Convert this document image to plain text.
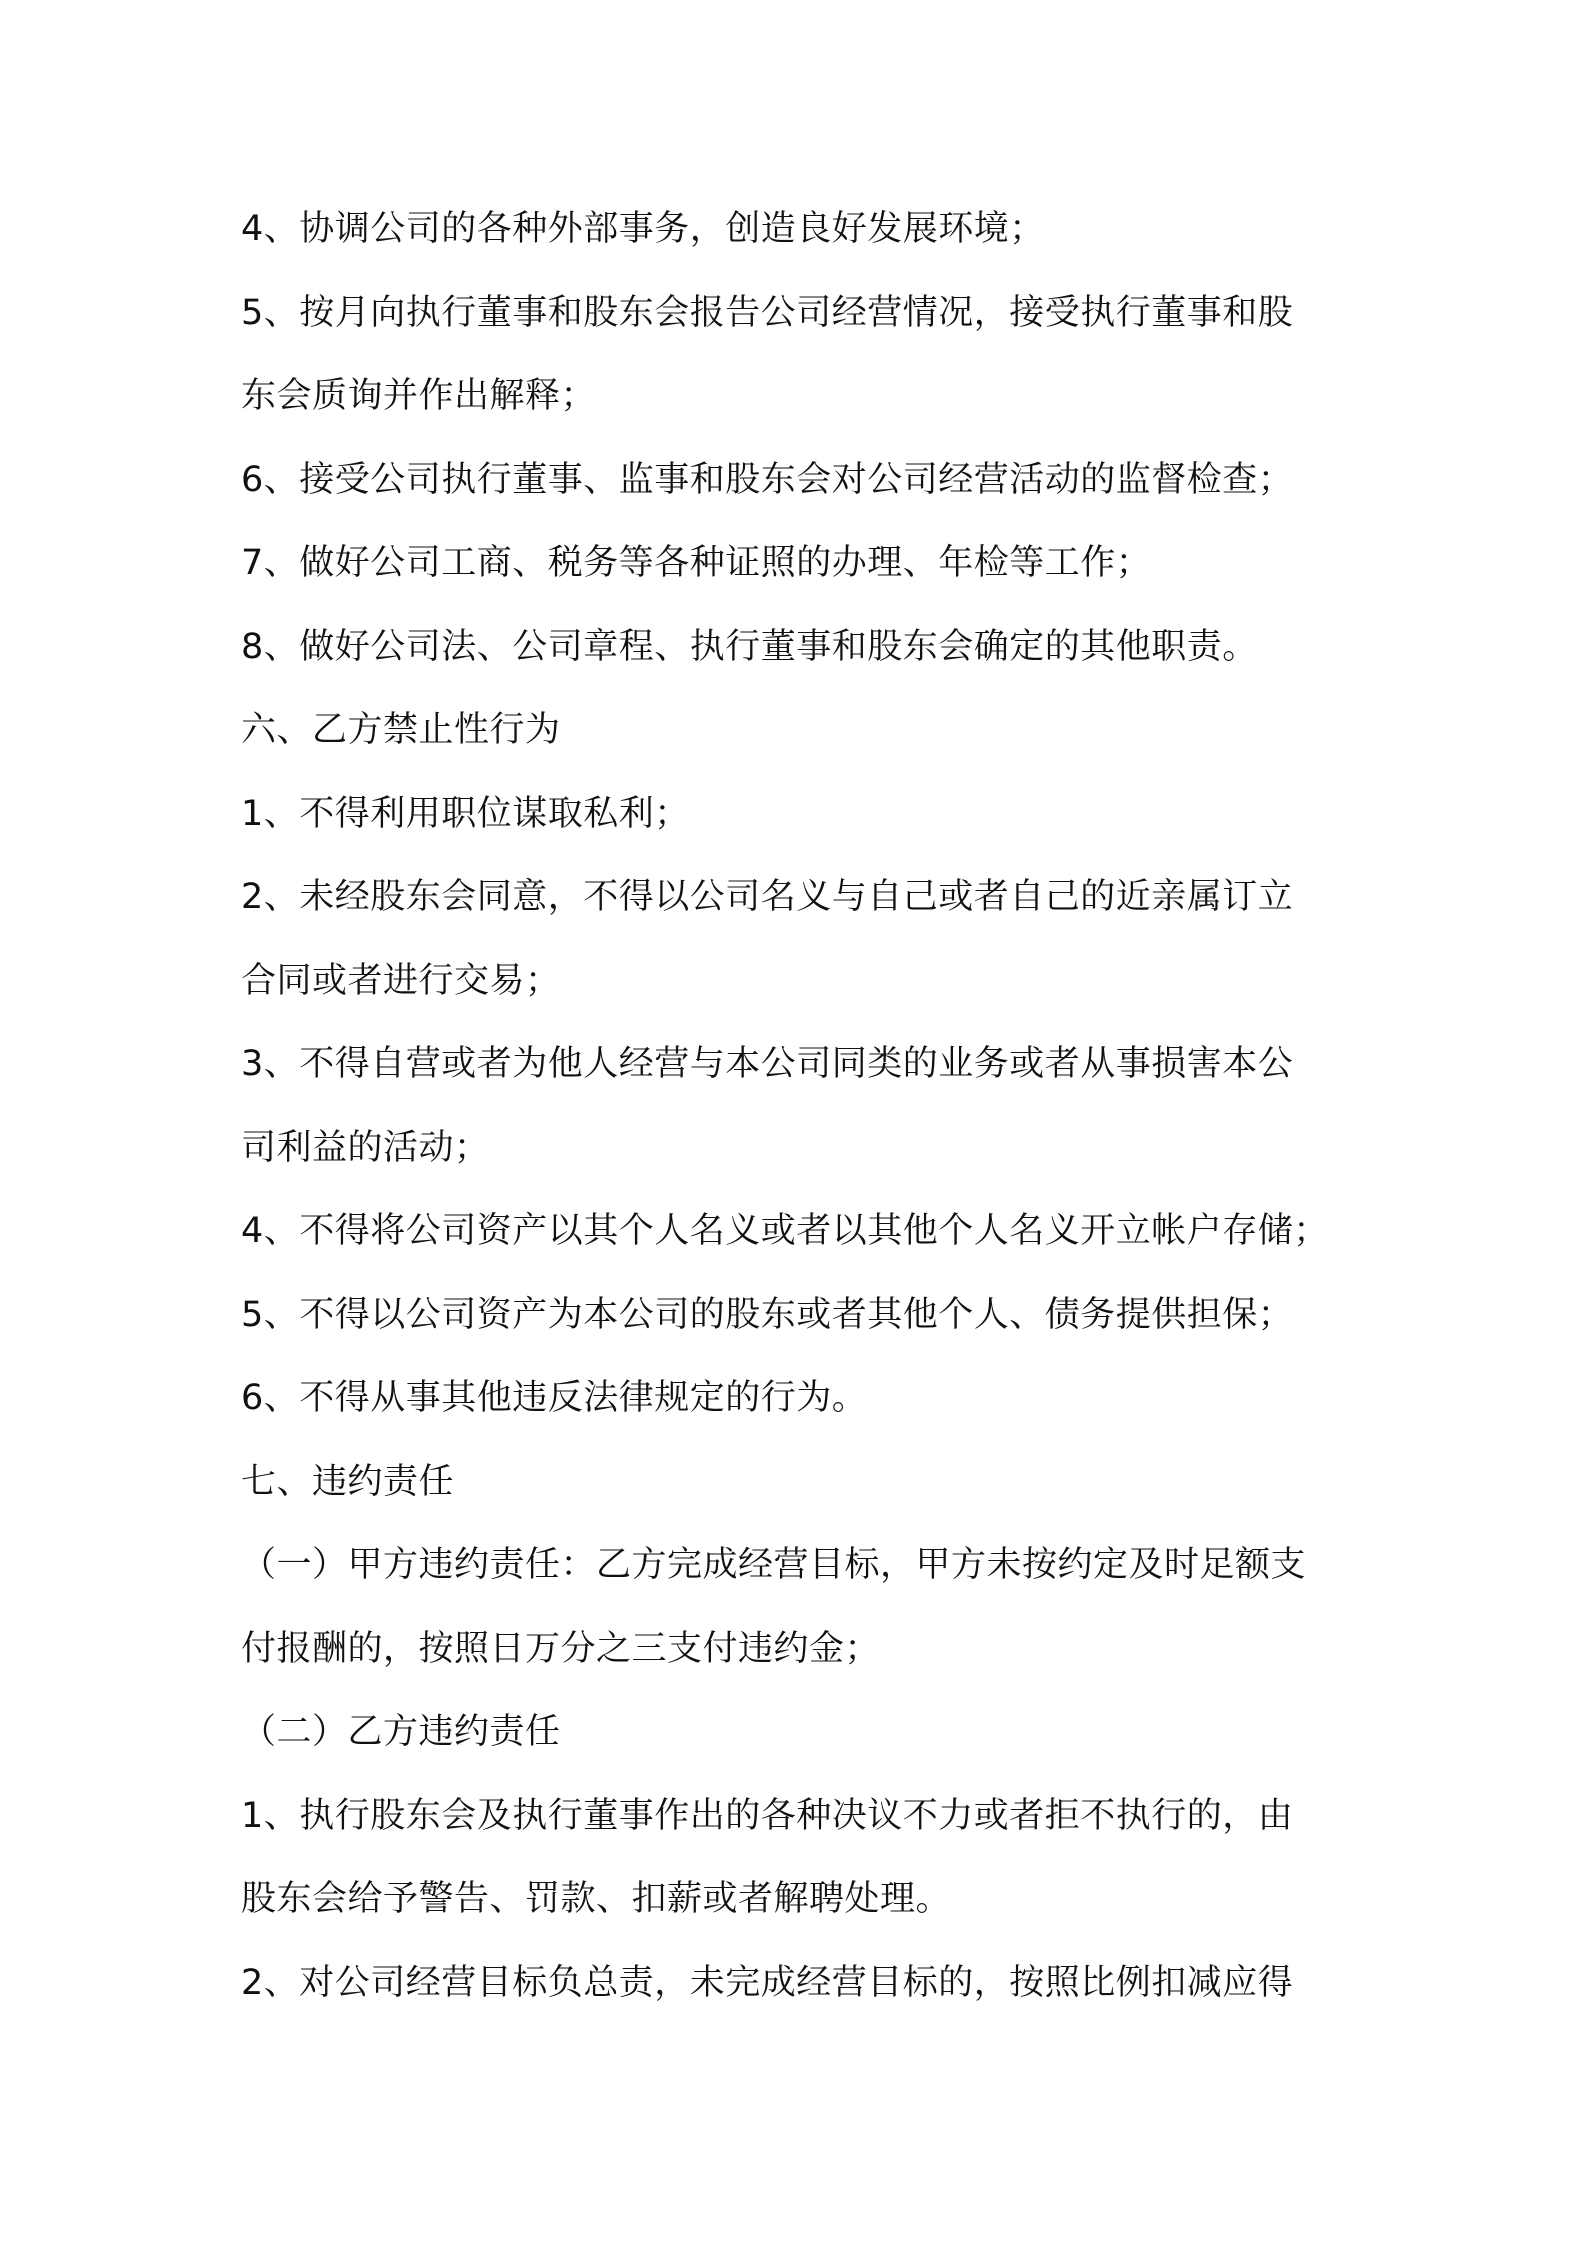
4、协调公司的各种外部事务，创造良好发展环境；
5、按月向执行董事和股东会报告公司经营情况，接受执行董事和股
东会质询并作出解释；
6、接受公司执行董事、监事和股东会对公司经营活动的监督检查；
7、做好公司工商、税务等各种证照的办理、年检等工作；
8、做好公司法、公司章程、执行董事和股东会确定的其他职责。
六、乙方禁止性行为
1、不得利用职位谋取私利；
2、未经股东会同意，不得以公司名义与自己或者自己的近亲属订立
合同或者进行交易；
3、不得自营或者为他人经营与本公司同类的业务或者从事损害本公
司利益的活动；
4、不得将公司资产以其个人名义或者以其他个人名义开立帐户存储；
5、不得以公司资产为本公司的股东或者其他个人、债务提供担保；
6、不得从事其他违反法律规定的行为。
七、违约责任
（一）甲方违约责任：乙方完成经营目标，甲方未按约定及时足额支
付报酬的，按照日万分之三支付违约金；
（二）乙方违约责任
1、执行股东会及执行董事作出的各种决议不力或者拒不执行的，由
股东会给予警告、罚款、扣薪或者解聘处理。
2、对公司经营目标负总责，未完成经营目标的，按照比例扣减应得
